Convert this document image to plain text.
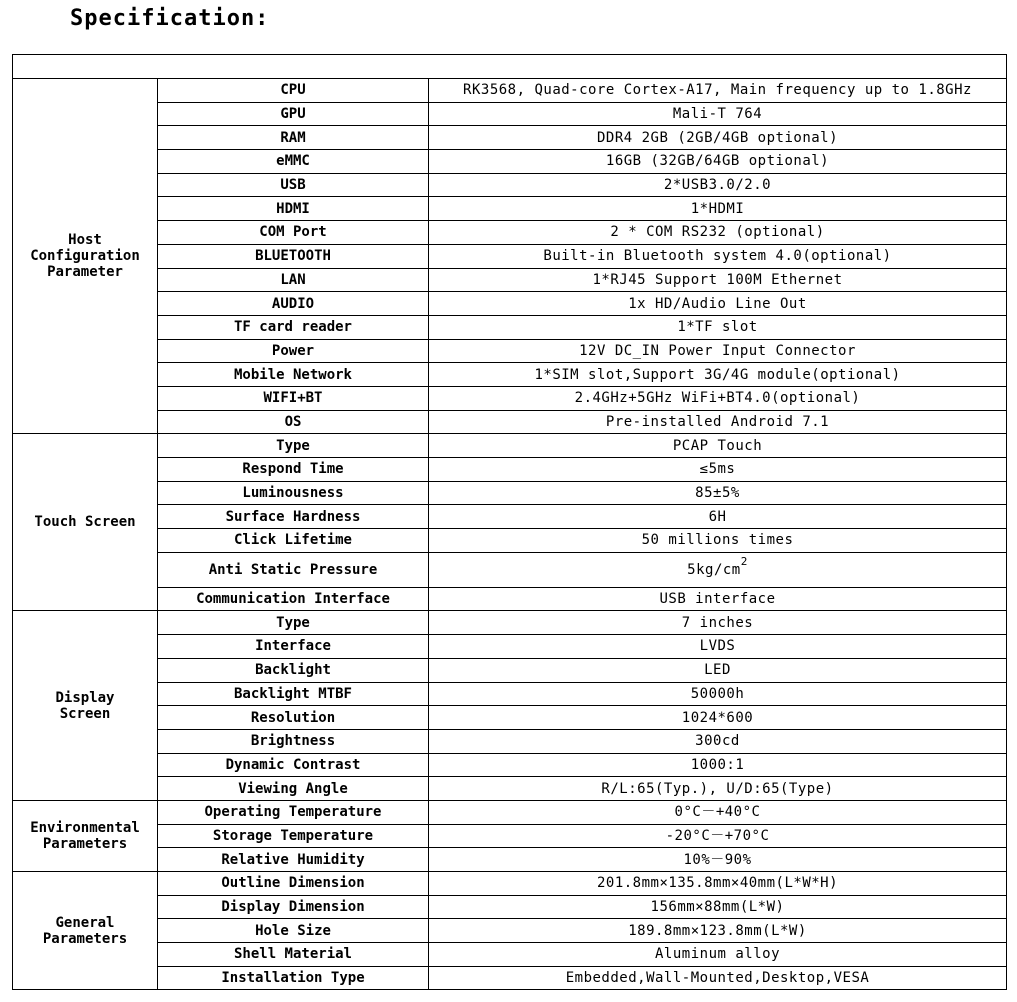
Specification:

Host
Configuration
Parameter	CPU	RK3568, Quad-core Cortex-A17, Main frequency up to 1.8GHz
	GPU	Mali-T 764
	RAM	DDR4 2GB (2GB/4GB optional)
	eMMC	16GB (32GB/64GB optional)
	USB	2*USB3.0/2.0
	HDMI	1*HDMI
	COM Port	2 * COM RS232 (optional)
	BLUETOOTH	Built-in Bluetooth system 4.0(optional)
	LAN	1*RJ45 Support 100M Ethernet
	AUDIO	1x HD/Audio Line Out
	TF card reader	1*TF slot
	Power	12V DC_IN Power Input Connector
	Mobile Network	1*SIM slot,Support 3G/4G module(optional)
	WIFI+BT	2.4GHz+5GHz WiFi+BT4.0(optional)
	OS	Pre-installed Android 7.1

Touch Screen	Type	PCAP Touch
	Respond Time	≤5ms
	Luminousness	85±5%
	Surface Hardness	6H
	Click Lifetime	50 millions times
	Anti Static Pressure	$5kg/cm^2$
	Communication Interface	USB interface

Display
Screen	Type	7 inches
	Interface	LVDS
	Backlight	LED
	Backlight MTBF	50000h
	Resolution	1024*600
	Brightness	300cd
	Dynamic Contrast	1000:1
	Viewing Angle	R/L:65(Typ.), U/D:65(Type)

Environmental
Parameters	Operating Temperature	0°C－+40°C
	Storage Temperature	-20°C－+70°C
	Relative Humidity	10%－90%

General
Parameters	Outline Dimension	201.8mm×135.8mm×40mm(L*W*H)
	Display Dimension	156mm×88mm(L*W)
	Hole Size	189.8mm×123.8mm(L*W)
	Shell Material	Aluminum alloy
	Installation Type	Embedded,Wall-Mounted,Desktop,VESA
